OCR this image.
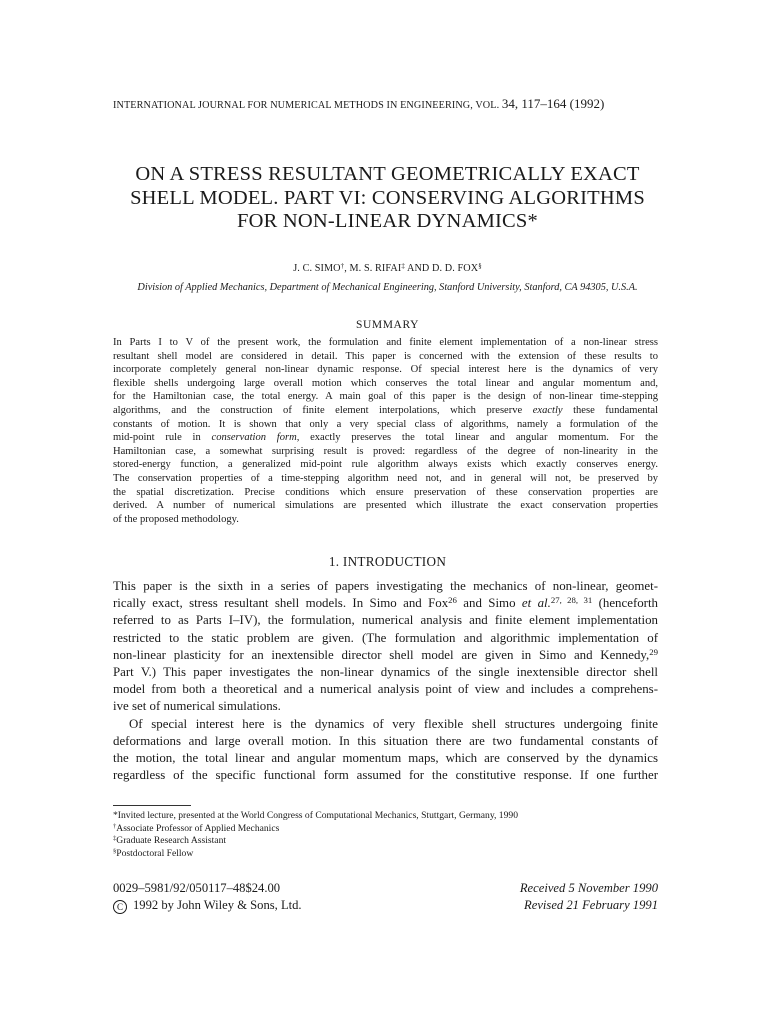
INTERNATIONAL JOURNAL FOR NUMERICAL METHODS IN ENGINEERING, VOL. 34, 117–164 (1992)
ON A STRESS RESULTANT GEOMETRICALLY EXACT
SHELL MODEL. PART VI: CONSERVING ALGORITHMS
FOR NON-LINEAR DYNAMICS*
J. C. SIMO†, M. S. RIFAI‡ AND D. D. FOX§
Division of Applied Mechanics, Department of Mechanical Engineering, Stanford University, Stanford, CA 94305, U.S.A.
SUMMARY
In Parts I to V of the present work, the formulation and finite element implementation of a non-linear stress
resultant shell model are considered in detail. This paper is concerned with the extension of these results to
incorporate completely general non-linear dynamic response. Of special interest here is the dynamics of very
flexible shells undergoing large overall motion which conserves the total linear and angular momentum and,
for the Hamiltonian case, the total energy. A main goal of this paper is the design of non-linear time-stepping
algorithms, and the construction of finite element interpolations, which preserve exactly these fundamental
constants of motion. It is shown that only a very special class of algorithms, namely a formulation of the
mid-point rule in conservation form, exactly preserves the total linear and angular momentum. For the
Hamiltonian case, a somewhat surprising result is proved: regardless of the degree of non-linearity in the
stored-energy function, a generalized mid-point rule algorithm always exists which exactly conserves energy.
The conservation properties of a time-stepping algorithm need not, and in general will not, be preserved by
the spatial discretization. Precise conditions which ensure preservation of these conservation properties are
derived. A number of numerical simulations are presented which illustrate the exact conservation properties
of the proposed methodology.
1. INTRODUCTION
This paper is the sixth in a series of papers investigating the mechanics of non-linear, geomet-
rically exact, stress resultant shell models. In Simo and Fox$^{26}$ and Simo et al.$^{27, 28, 31}$ (henceforth
referred to as Parts I–IV), the formulation, numerical analysis and finite element implementation
restricted to the static problem are given. (The formulation and algorithmic implementation of
non-linear plasticity for an inextensible director shell model are given in Simo and Kennedy,$^{29}$
Part V.) This paper investigates the non-linear dynamics of the single inextensible director shell
model from both a theoretical and a numerical analysis point of view and includes a comprehens-
ive set of numerical simulations.
Of special interest here is the dynamics of very flexible shell structures undergoing finite
deformations and large overall motion. In this situation there are two fundamental constants of
the motion, the total linear and angular momentum maps, which are conserved by the dynamics
regardless of the specific functional form assumed for the constitutive response. If one further
*Invited lecture, presented at the World Congress of Computational Mechanics, Stuttgart, Germany, 1990
†Associate Professor of Applied Mechanics
‡Graduate Research Assistant
§Postdoctoral Fellow
0029–5981/92/050117–48$24.00
C 1992 by John Wiley & Sons, Ltd.
Received 5 November 1990
Revised 21 February 1991
